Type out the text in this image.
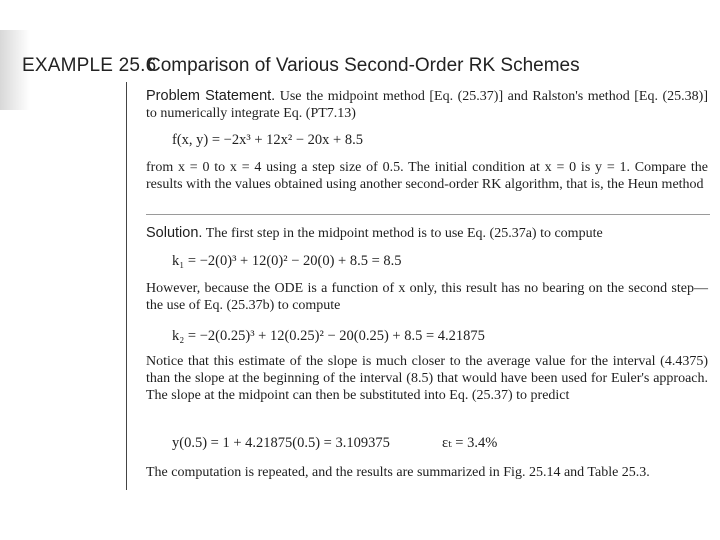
EXAMPLE 25.6
Comparison of Various Second-Order RK Schemes
Problem Statement. Use the midpoint method [Eq. (25.37)] and Ralston's method [Eq. (25.38)] to numerically integrate Eq. (PT7.13)
f(x, y) = −2x³ + 12x² − 20x + 8.5
from x = 0 to x = 4 using a step size of 0.5. The initial condition at x = 0 is y = 1. Compare the results with the values obtained using another second-order RK algorithm, that is, the Heun method
Solution. The first step in the midpoint method is to use Eq. (25.37a) to compute
k₁ = −2(0)³ + 12(0)² − 20(0) + 8.5 = 8.5
However, because the ODE is a function of x only, this result has no bearing on the second step—the use of Eq. (25.37b) to compute
k₂ = −2(0.25)³ + 12(0.25)² − 20(0.25) + 8.5 = 4.21875
Notice that this estimate of the slope is much closer to the average value for the interval (4.4375) than the slope at the beginning of the interval (8.5) that would have been used for Euler's approach. The slope at the midpoint can then be substituted into Eq. (25.37) to predict
y(0.5) = 1 + 4.21875(0.5) = 3.109375	εₜ = 3.4%
The computation is repeated, and the results are summarized in Fig. 25.14 and Table 25.3.
